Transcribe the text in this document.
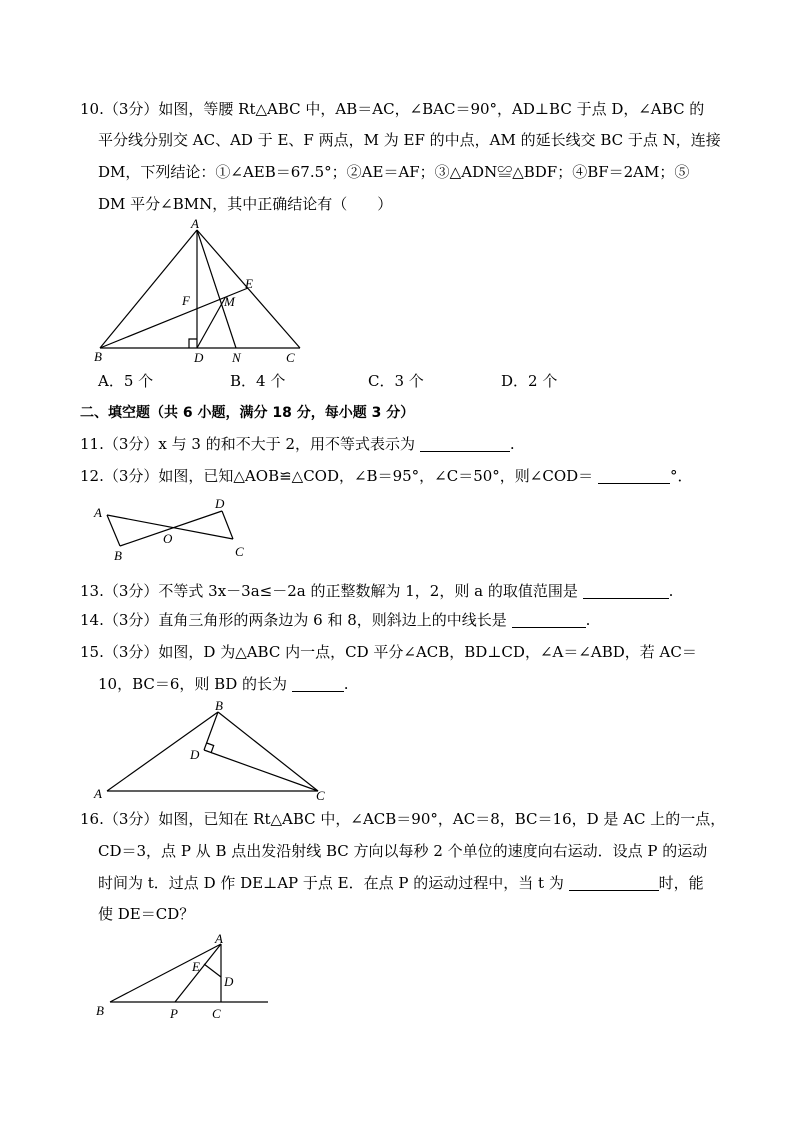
10.（3分）如图，等腰 Rt△ABC 中，AB＝AC，∠BAC＝90°，AD⊥BC 于点 D，∠ABC 的
平分线分别交 AC、AD 于 E、F 两点，M 为 EF 的中点，AM 的延长线交 BC 于点 N，连接
DM，下列结论：①∠AEB＝67.5°；②AE＝AF；③△ADN≌△BDF；④BF＝2AM；⑤
DM 平分∠BMN，其中正确结论有（　　）
A
B	D N	C
E
F	M
A．5 个	B．4 个	C．3 个	D．2 个
二、填空题（共 6 小题，满分 18 分，每小题 3 分）
11.（3分）x 与 3 的和不大于 2，用不等式表示为	.
12.（3分）如图，已知△AOB≌△COD，∠B＝95°，∠C＝50°，则∠COD＝	°．
A
B
O
D
C
13.（3分）不等式 3x－3a≤－2a 的正整数解为 1，2，则 a 的取值范围是	.
14.（3分）直角三角形的两条边为 6 和 8，则斜边上的中线长是	.
15.（3分）如图，D 为△ABC 内一点，CD 平分∠ACB，BD⊥CD，∠A＝∠ABD，若 AC＝
10，BC＝6，则 BD 的长为	.
B
A	C
D
16.（3分）如图，已知在 Rt△ABC 中，∠ACB＝90°，AC＝8，BC＝16，D 是 AC 上的一点，
CD＝3，点 P 从 B 点出发沿射线 BC 方向以每秒 2 个单位的速度向右运动．设点 P 的运动
时间为 t．过点 D 作 DE⊥AP 于点 E．在点 P 的运动过程中，当 t 为	时，能
使 DE＝CD？
A
B	P	C
D
E
